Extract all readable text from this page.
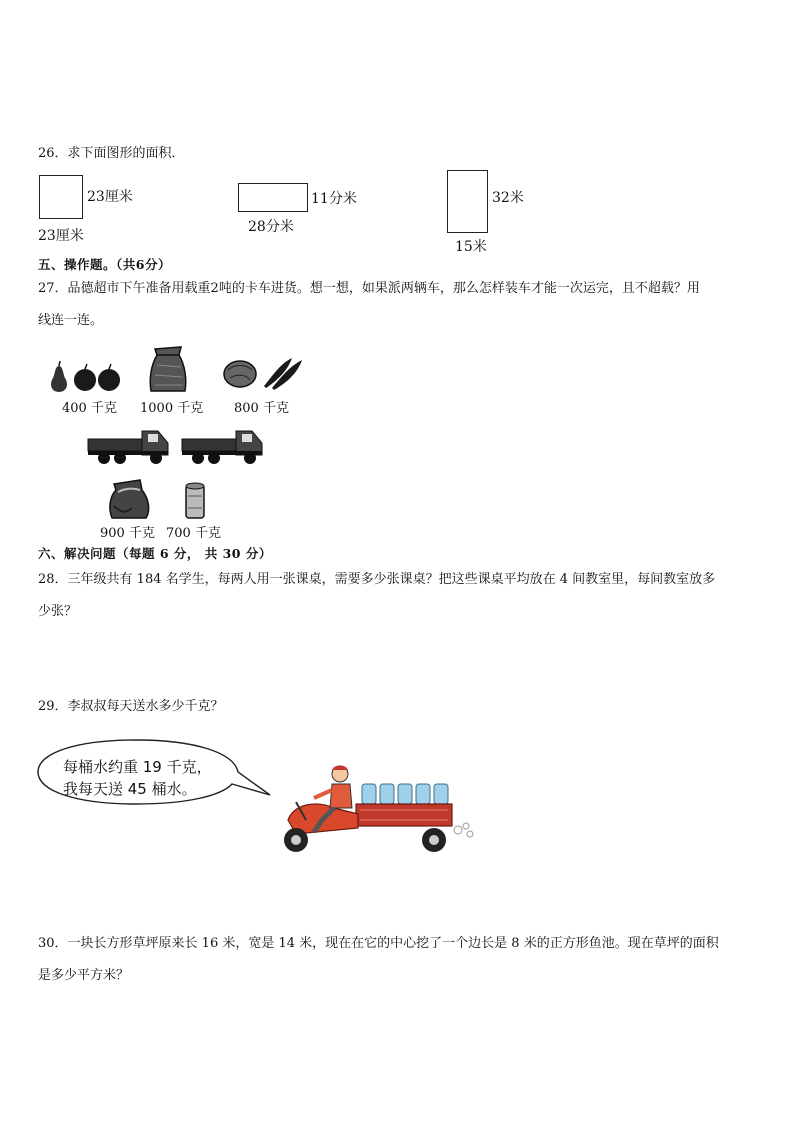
26．求下面图形的面积．
23厘米
23厘米
11分米
28分米
32米
15米
五、操作题。（共6分）
27．品德超市下午准备用载重2吨的卡车进货。想一想，如果派两辆车，那么怎样装车才能一次运完，且不超载？用
线连一连。
400 千克 1000 千克 800 千克
900 千克 700 千克
六、解决问题（每题 6 分， 共 30 分）
28．三年级共有 184 名学生，每两人用一张课桌，需要多少张课桌？把这些课桌平均放在 4 间教室里，每间教室放多
少张？
29．李叔叔每天送水多少千克？
每桶水约重 19 千克，
我每天送 45 桶水。
30．一块长方形草坪原来长 16 米，宽是 14 米，现在在它的中心挖了一个边长是 8 米的正方形鱼池。现在草坪的面积
是多少平方米？
